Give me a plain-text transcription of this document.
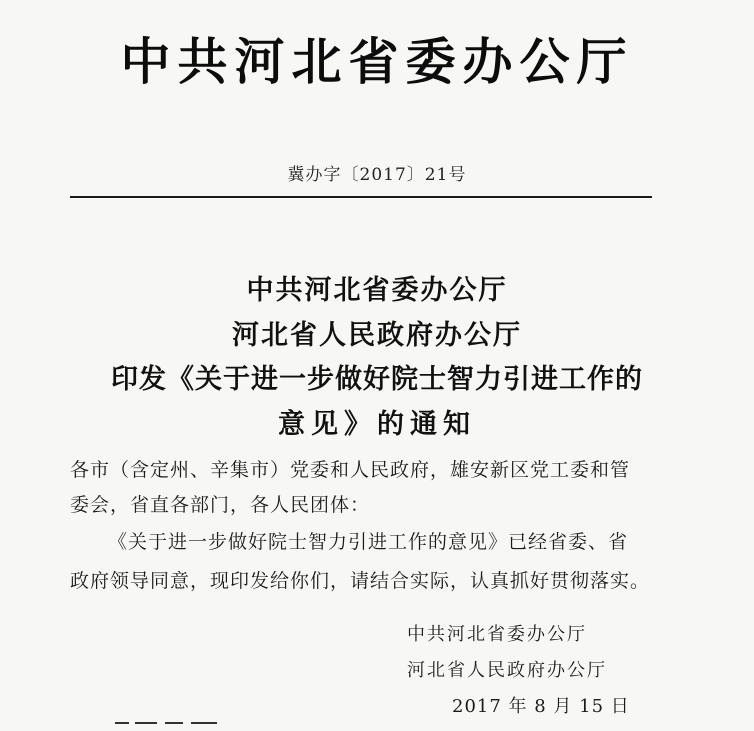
中共河北省委办公厅
冀办字〔2017〕21号
中共河北省委办公厅
河北省人民政府办公厅
印发《关于进一步做好院士智力引进工作的
意见》的通知
各市（含定州、辛集市）党委和人民政府，雄安新区党工委和管
委会，省直各部门，各人民团体：
《关于进一步做好院士智力引进工作的意见》已经省委、省
政府领导同意，现印发给你们，请结合实际，认真抓好贯彻落实。
中共河北省委办公厅
河北省人民政府办公厅
2017 年 8 月 15 日
